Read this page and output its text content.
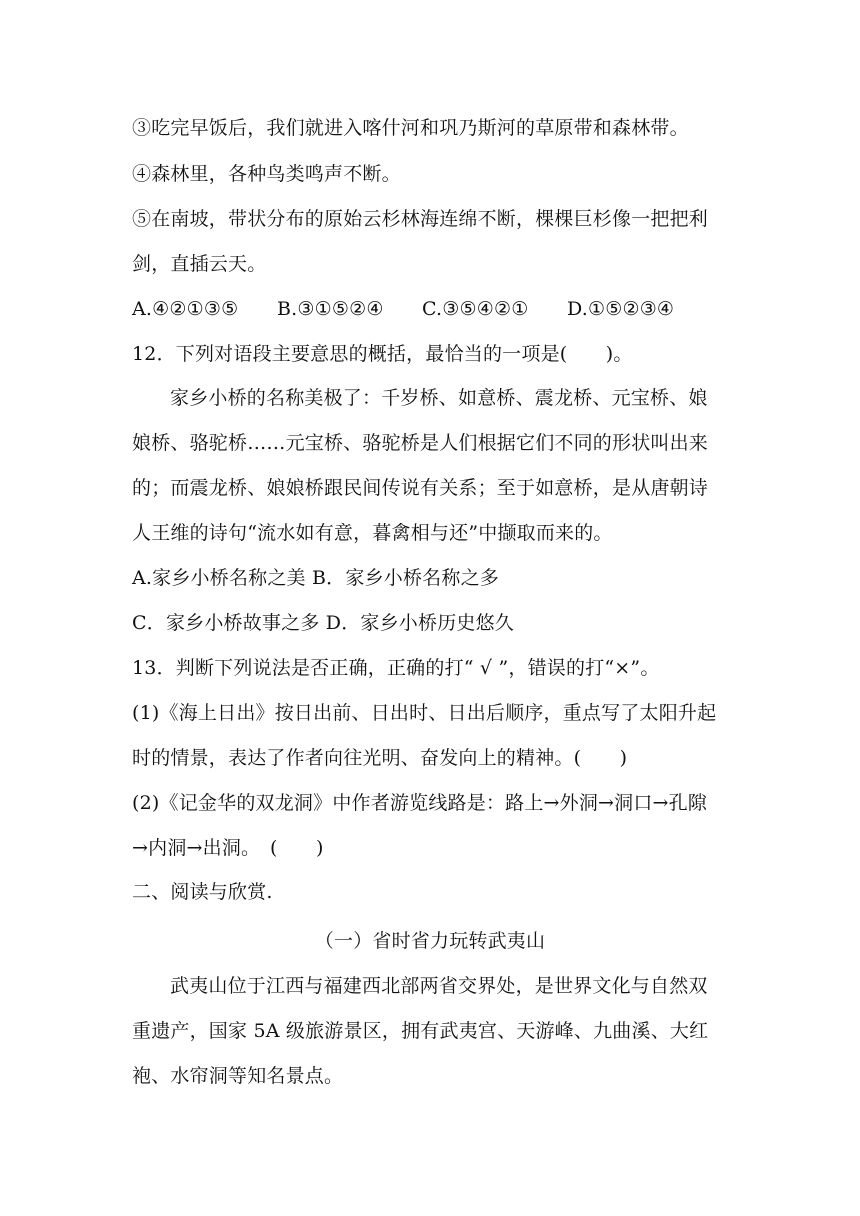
③吃完早饭后，我们就进入喀什河和巩乃斯河的草原带和森林带。
④森林里，各种鸟类鸣声不断。
⑤在南坡，带状分布的原始云杉林海连绵不断，棵棵巨杉像一把把利
剑，直插云天。
A.④②①③⑤ B.③①⑤②④ C.③⑤④②① D.①⑤②③④
12．下列对语段主要意思的概括，最恰当的一项是(　　)。
家乡小桥的名称美极了：千岁桥、如意桥、震龙桥、元宝桥、娘
娘桥、骆驼桥……元宝桥、骆驼桥是人们根据它们不同的形状叫出来
的；而震龙桥、娘娘桥跟民间传说有关系；至于如意桥，是从唐朝诗
人王维的诗句“流水如有意，暮禽相与还”中撷取而来的。
A.家乡小桥名称之美 B．家乡小桥名称之多
C．家乡小桥故事之多 D．家乡小桥历史悠久
13．判断下列说法是否正确，正确的打“ √ ”，错误的打“×”。
(1)《海上日出》按日出前、日出时、日出后顺序，重点写了太阳升起
时的情景，表达了作者向往光明、奋发向上的精神。(　　)
(2)《记金华的双龙洞》中作者游览线路是：路上→外洞→洞口→孔隙
→内洞→出洞。　(　　)
二、阅读与欣赏.
（一）省时省力玩转武夷山
武夷山位于江西与福建西北部两省交界处，是世界文化与自然双
重遗产，国家 5A 级旅游景区，拥有武夷宫、天游峰、九曲溪、大红
袍、水帘洞等知名景点。
